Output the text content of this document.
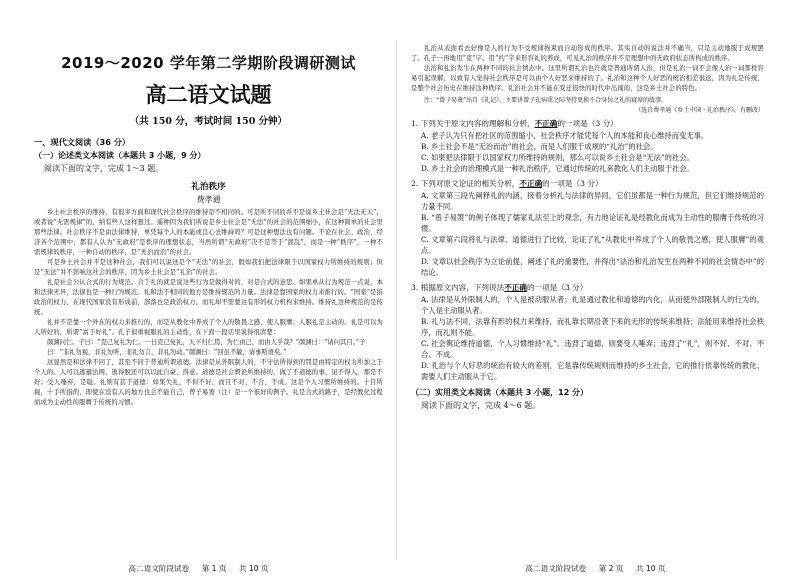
2019～2020 学年第二学期阶段调研测试
高二语文试题
（共 150 分，考试时间 150 分钟）
一、现代文阅读（36 分）
（一）论述类文本阅读（本题共 3 小题，9 分）
阅读下面的文字，完成 1～3 题。
礼治秩序
费孝通

乡土社会秩序的维持，有很多方面和现代社会秩序的维持是不相同的。可是所不同的并不是说乡土社会是“无法无天”，或者说“无需规律”的，纳有些人这样想过。遥种因为我们所说是乡土社会是“无法”的社会的范围细小，在这种简单的社会里那些法律。社会秩序不是由法律维持，单凭每个人的本能或良心去维持吗？可是这种想法也有问题。不论在社会、政治、经济各个范围中，都有人认为“无政府”是秩序的理想状态，当然所谓“无政府”决不是等于“混乱”，而是一种“秩序”，一种不需规律的秩序，一种自动的秩序，是“无治而治”的社会。

可是乡土社会并不是这种社会，我们可以说这是个“无法”的社会，假如我们把法律限于以国家权力所维持的规则；但是“无法”并不影响这社会的秩序，因为乡土社会是“礼治”的社会。

礼是社会公认合式的行为规范。合于礼的就是说这些行为是做得对的，对是合式的意思。如果单从行为规范一点说，本和法律无异，法律也是一种行为规范。礼和法不相同的地方是维持规范的力量。法律是靠国家的权力来推行的。“国家”是指政治的权力，在现代国家没有形成前，部落也是政治权力。而礼却不需要这有形的权力机构来维持。维持礼这种规范的是传统。

礼并不是靠一个外在的权力来推行的，而是从教化中养成了个人的敬畏之感，使人服膺；人服礼是主动的。礼是可以为人所好的，所谓“富于好礼”。孔子很重视服礼的主动性，在下面一段话里说得很清楚：

颜渊问仁。子曰：“克己复礼为仁。一日克己复礼，天下归仁焉，为仁由己，而由人乎哉？”颜渊曰：“请问其目。”子曰：“非礼勿视，非礼勿听，非礼勿言，非礼勿动。”颜渊曰：“回虽不敏，请事斯语矣。”

这显然是和法律不同了，甚至不同于普通所谓道德。法律是从外限制人的，不守法所得到的罚是由特定的权力所加之于个人的。人可以逃避法网，逃得脱还可以以此自豪，得意。道德是社会舆论所维持的，做了不道德的事，见不得人，那是不好；受人唾弃，是耻。礼则有甚于道德：如果失礼，不但不好，而且不对、不合、不成。这是个人习惯所维持的。十目所视，十手所指的，即使在没有人的地方也会不能自己，曾子易箦（注）是一个很好的例子。礼是合式的路子，是经教化过程而成为主动性的服膺于传统的习惯。

高二语文阶段试卷 第 1 页 共 10 页

礼治从表面看去好像是人的行为不受规律拘束而自动形成的秩序。其实自动的说法并不确当，只是主动地服于成规罢了。孔子一再地用“克”字，用“约”字来形容礼的养成，可见礼治的秩序并不是理想中的无政府状态所构成的秩序。

法治和礼治发生在两种不同的社会情态中。这里所谓礼治也许就是普通所谓人治，但是礼治一词不会像人治一词那样容易引起误解，以致有人觉得社会秩序是可以由个人好恶来维持的了。礼治和这种个人好恶的统治相差很远，因为礼是传统，是整个社会历史在维持这种秩序。礼治社会并不能在变迁很快的时代中出现的，这是乡土社会的特色。

注：“曾子易箦”出自《礼记》，主要讲曾子在病重之际坚持更换不合身份之礼的寝席的故事。
（选自费孝通《乡土中国 · 礼治秩序》，有删改）
1. 下列关于原文内容的理解和分析，不正确的一项是（3 分）
A. 老子认为只有把社区的范围缩小，社会秩序才能凭每个人的本能和良心维持而变无事。
B. 乡土社会不是“无治而治”的社会，而是人们服于成规的“礼治”的社会。
C. 如果把法律限于以国家权力所维持的规则，那么可以说乡土社会是“无法”的社会。
D. 乡土社会的治理模式是一种礼治秩序，它通过传统的礼来教化人们主动服于社会。
2. 下列对原文论证的相关分析，不正确的一项是（3 分）
A. 文章第三段先阐释礼的内涵，接着分析礼与法律的异同，它们虽都是一种行为规范，但它们维持规范的力量不同。
B. “曾子易箦”的例子体现了儒家礼法至上的观念，有力地论证礼是经教化而成为主动性的服膺于传统的习惯。
C. 文章第六段将礼与法律、道德进行了比较，论证了礼“从教化中养成了个人的敬畏之感，使人服膺”的观点。
D. 文章以社会秩序为立论前提，阐述了礼的重要性，并得出“法治和礼治发生在两种不同的社会情态中”的结论。
3. 根据原文内容，下列说法不正确的一项是（3 分）
A. 法律是从外限制人的，个人是被动服从者；礼是通过教化和道德的内化，从而使外部限制人的行为的，个人是主动服从者。
B. 礼与法不同，法靠有形的权力来维持，而礼靠长期沿袭下来的无形的传统来维持；法能用来维持社会秩序，而礼则不能。
C. 社会舆论维持道德，个人习惯维持“礼”。违背了道德，则要受人唾弃；违背了“礼”，则不好、不对、不合、不成。
D. 礼治与个人好恶的统治有较大的差别，它是靠传统规则而维持的乡土社会，它的推行依靠传统的教化、需要人们主动服从于它。
（二）实用类文本阅读（本题共 3 小题，12 分）
阅读下面的文字，完成 4～6 题。
高二语文阶段试卷 第 2 页 共 10 页
